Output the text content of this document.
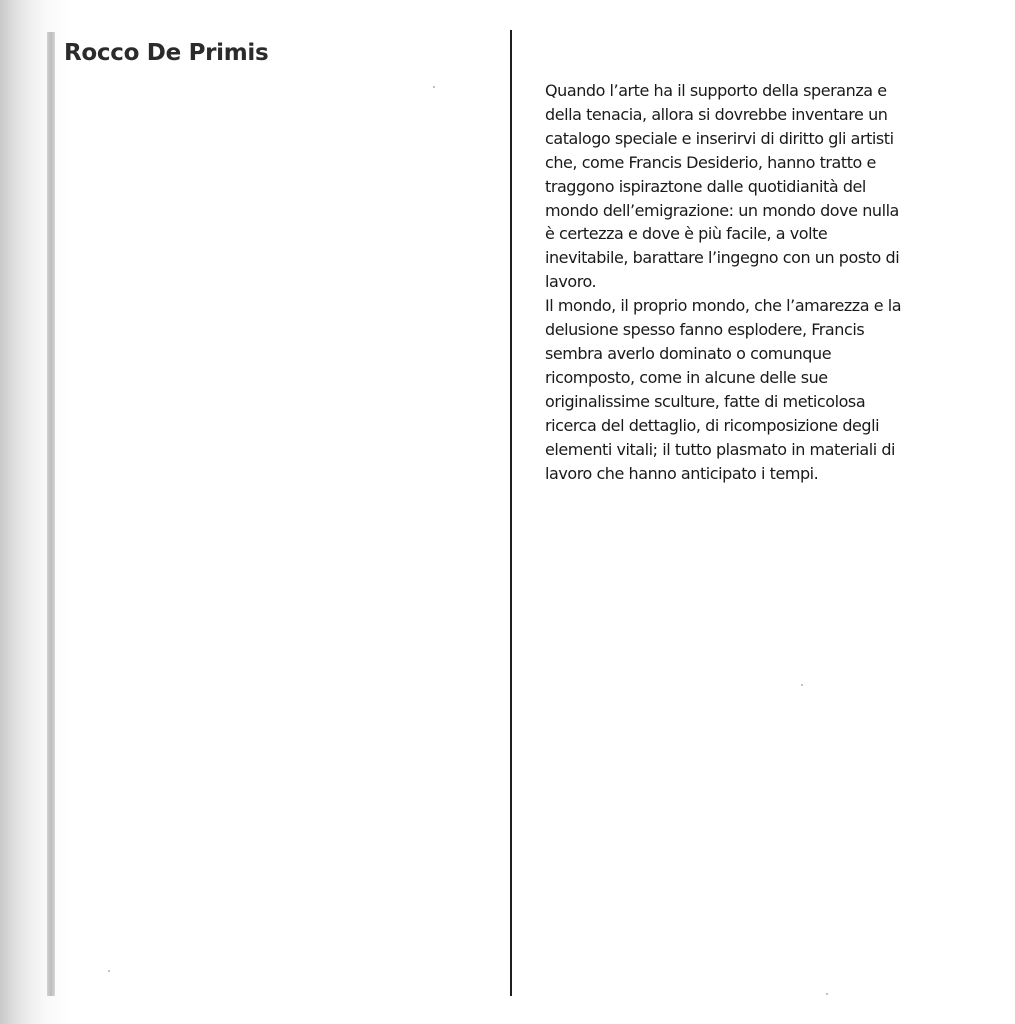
Rocco De Primis
Quando l’arte ha il supporto della speranza e
della tenacia, allora si dovrebbe inventare un
catalogo speciale e inserirvi di diritto gli artisti
che, come Francis Desiderio, hanno tratto e
traggono ispiraztone dalle quotidianità del
mondo dell’emigrazione: un mondo dove nulla
è certezza e dove è più facile, a volte
inevitabile, barattare l’ingegno con un posto di
lavoro.
Il mondo, il proprio mondo, che l’amarezza e la
delusione spesso fanno esplodere, Francis
sembra averlo dominato o comunque
ricomposto, come in alcune delle sue
originalissime sculture, fatte di meticolosa
ricerca del dettaglio, di ricomposizione degli
elementi vitali; il tutto plasmato in materiali di
lavoro che hanno anticipato i tempi.
